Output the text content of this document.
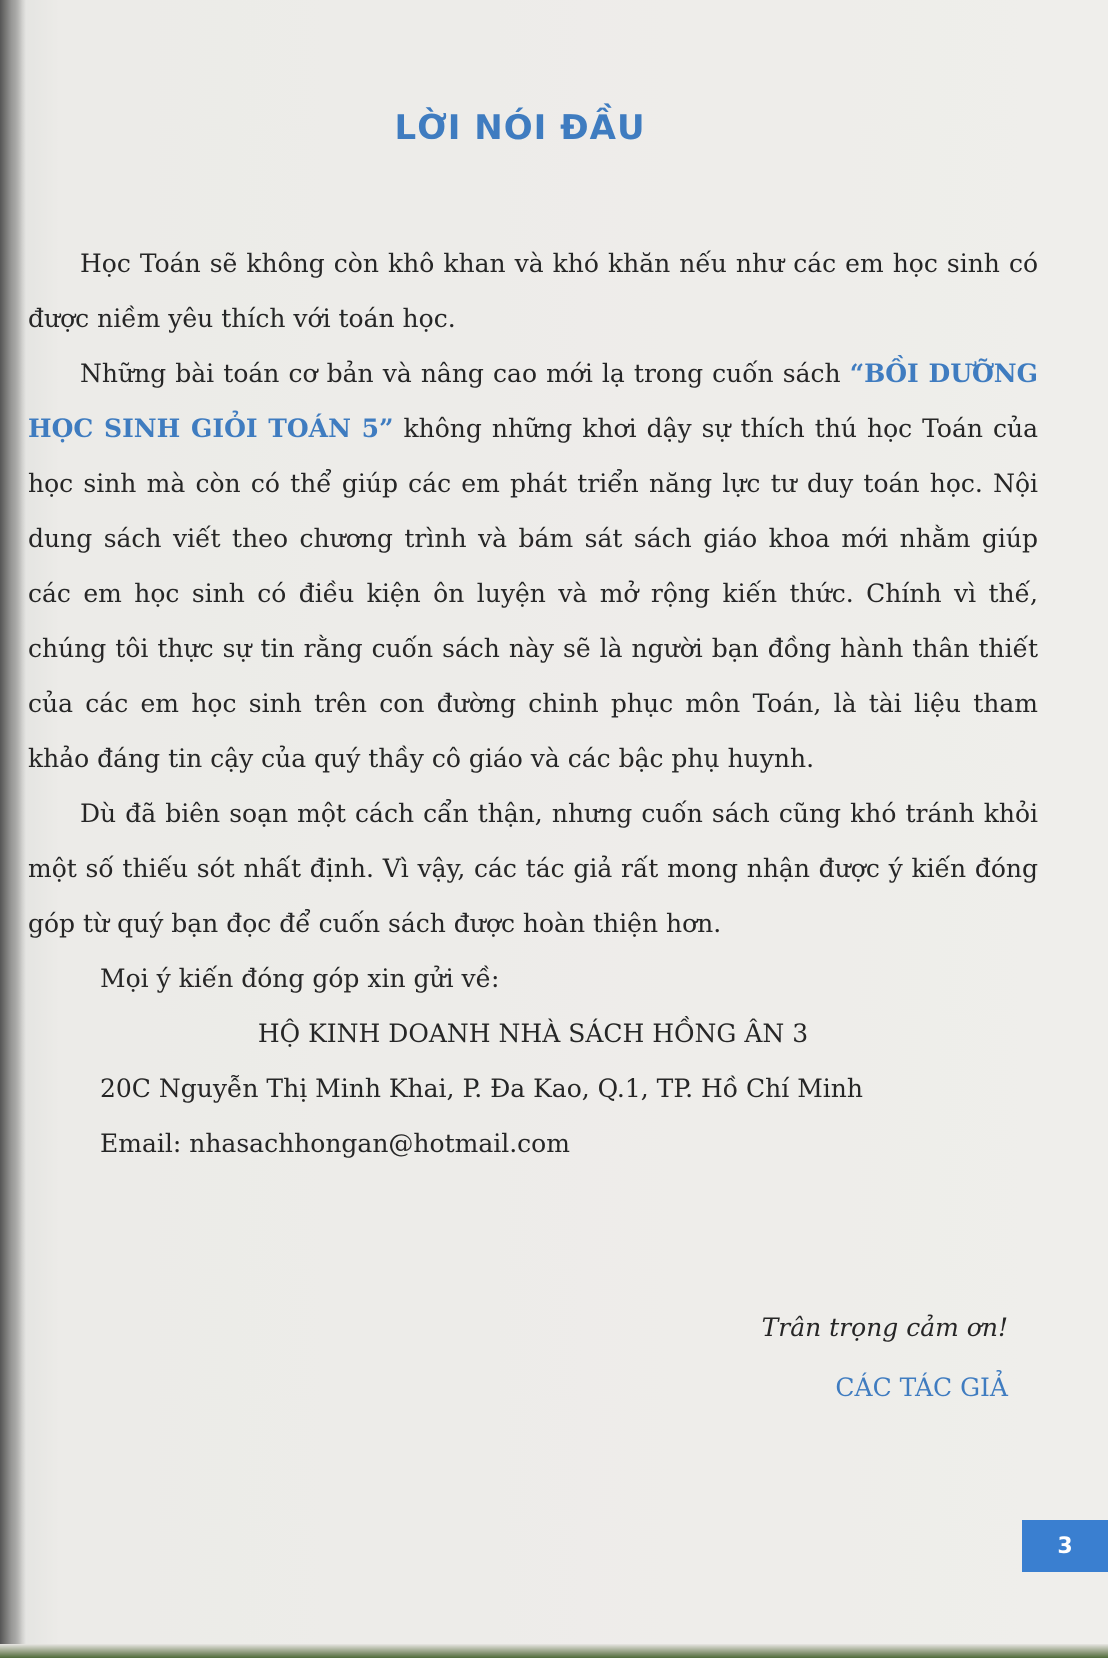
LỜI NÓI ĐẦU

Học Toán sẽ không còn khô khan và khó khăn nếu như các em học sinh có được niềm yêu thích với toán học.

Những bài toán cơ bản và nâng cao mới lạ trong cuốn sách “BỒI DƯỠNG HỌC SINH GIỎI TOÁN 5” không những khơi dậy sự thích thú học Toán của học sinh mà còn có thể giúp các em phát triển năng lực tư duy toán học. Nội dung sách viết theo chương trình và bám sát sách giáo khoa mới nhằm giúp các em học sinh có điều kiện ôn luyện và mở rộng kiến thức. Chính vì thế, chúng tôi thực sự tin rằng cuốn sách này sẽ là người bạn đồng hành thân thiết của các em học sinh trên con đường chinh phục môn Toán, là tài liệu tham khảo đáng tin cậy của quý thầy cô giáo và các bậc phụ huynh.

Dù đã biên soạn một cách cẩn thận, nhưng cuốn sách cũng khó tránh khỏi một số thiếu sót nhất định. Vì vậy, các tác giả rất mong nhận được ý kiến đóng góp từ quý bạn đọc để cuốn sách được hoàn thiện hơn.

Mọi ý kiến đóng góp xin gửi về:

HỘ KINH DOANH NHÀ SÁCH HỒNG ÂN 3

20C Nguyễn Thị Minh Khai, P. Đa Kao, Q.1, TP. Hồ Chí Minh

Email: nhasachhongan@hotmail.com

Trân trọng cảm ơn!
CÁC TÁC GIẢ
3
